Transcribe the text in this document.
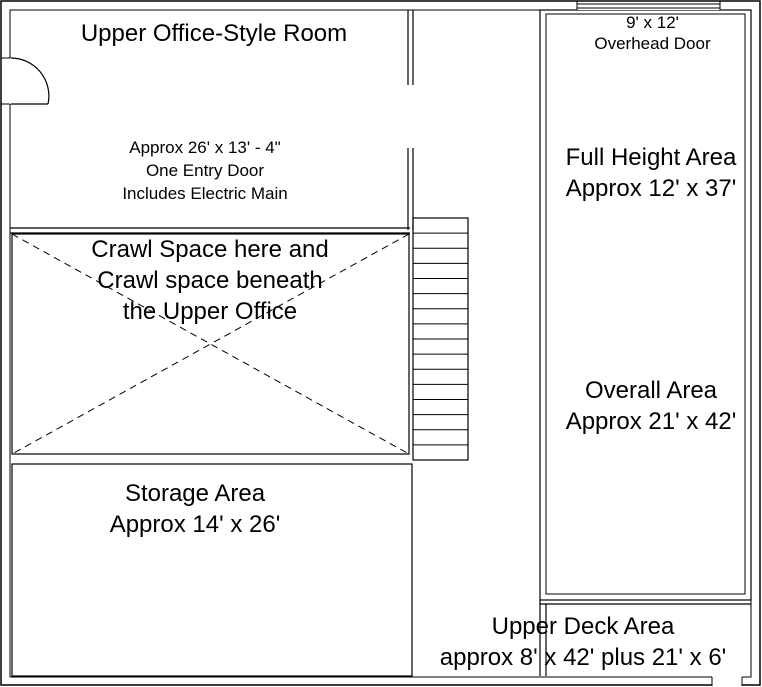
Upper Office-Style Room
Approx 26' x 13' - 4"
One Entry Door
Includes Electric Main
Crawl Space here and
Crawl space beneath
the Upper Office
Storage Area
Approx 14' x 26'
9' x 12'
Overhead Door
Full Height Area
Approx 12' x 37'
Overall Area
Approx 21' x 42'
Upper Deck Area
approx 8' x 42' plus 21' x 6'
